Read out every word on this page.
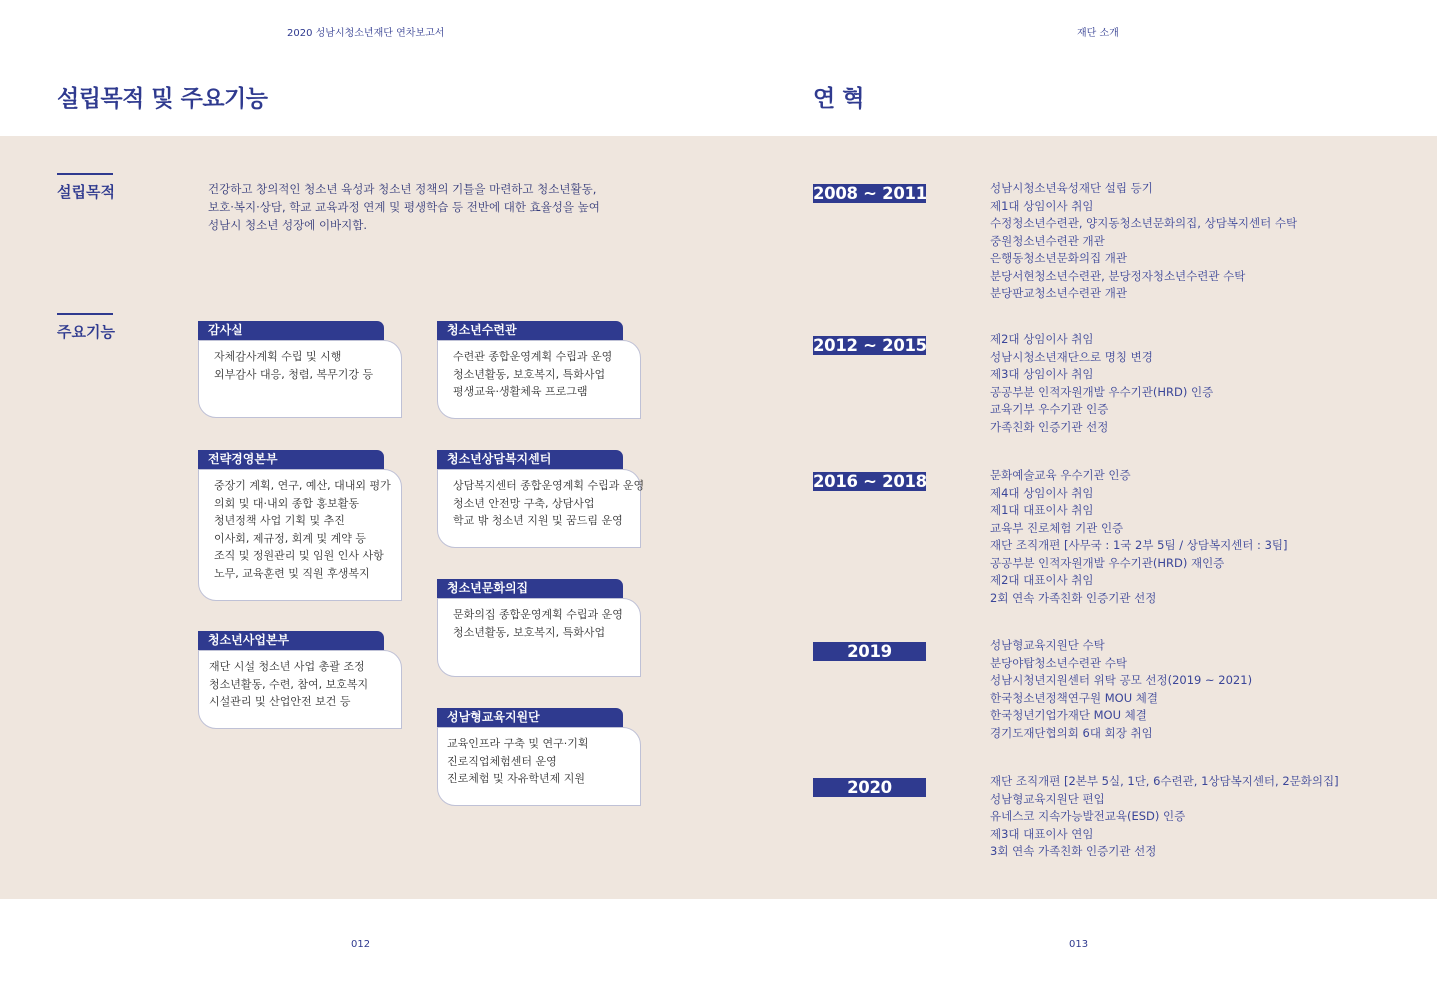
2020 성남시청소년재단 연차보고서	재단 소개
설립목적 및 주요기능	연 혁
설립목적	건강하고 창의적인 청소년 육성과 청소년 정책의 기틀을 마련하고 청소년활동,
보호·복지·상담, 학교 교육과정 연계 및 평생학습 등 전반에 대한 효율성을 높여
성남시 청소년 성장에 이바지함.
주요기능	감사실
자체감사계획 수립 및 시행
외부감사 대응, 청렴, 복무기강 등
전략경영본부
중장기 계획, 연구, 예산, 대내외 평가
의회 및 대·내외 종합 홍보활동
청년정책 사업 기획 및 추진
이사회, 제규정, 회계 및 계약 등
조직 및 정원관리 및 임원 인사 사항
노무, 교육훈련 및 직원 후생복지
청소년사업본부
재단 시설 청소년 사업 총괄 조정
청소년활동, 수련, 참여, 보호복지
시설관리 및 산업안전 보건 등
청소년수련관
수련관 종합운영계획 수립과 운영
청소년활동, 보호복지, 특화사업
평생교육·생활체육 프로그램
청소년상담복지센터
상담복지센터 종합운영계획 수립과 운영
청소년 안전망 구축, 상담사업
학교 밖 청소년 지원 및 꿈드림 운영
청소년문화의집
문화의집 종합운영계획 수립과 운영
청소년활동, 보호복지, 특화사업
성남형교육지원단
교육인프라 구축 및 연구·기획
진로직업체험센터 운영
진로체험 및 자유학년제 지원
2008 ~ 2011	성남시청소년육성재단 설립 등기
제1대 상임이사 취임
수정청소년수련관, 양지동청소년문화의집, 상담복지센터 수탁
중원청소년수련관 개관
은행동청소년문화의집 개관
분당서현청소년수련관, 분당정자청소년수련관 수탁
분당판교청소년수련관 개관
2012 ~ 2015	제2대 상임이사 취임
성남시청소년재단으로 명칭 변경
제3대 상임이사 취임
공공부분 인적자원개발 우수기관(HRD) 인증
교육기부 우수기관 인증
가족친화 인증기관 선정
2016 ~ 2018	문화예술교육 우수기관 인증
제4대 상임이사 취임
제1대 대표이사 취임
교육부 진로체험 기관 인증
재단 조직개편 [사무국 : 1국 2부 5팀 / 상담복지센터 : 3팀]
공공부분 인적자원개발 우수기관(HRD) 재인증
제2대 대표이사 취임
2회 연속 가족친화 인증기관 선정
2019	성남형교육지원단 수탁
분당야탑청소년수련관 수탁
성남시청년지원센터 위탁 공모 선정(2019 ~ 2021)
한국청소년정책연구원 MOU 체결
한국청년기업가재단 MOU 체결
경기도재단협의회 6대 회장 취임
2020	재단 조직개편 [2본부 5실, 1단, 6수련관, 1상담복지센터, 2문화의집]
성남형교육지원단 편입
유네스코 지속가능발전교육(ESD) 인증
제3대 대표이사 연임
3회 연속 가족친화 인증기관 선정
012	013
